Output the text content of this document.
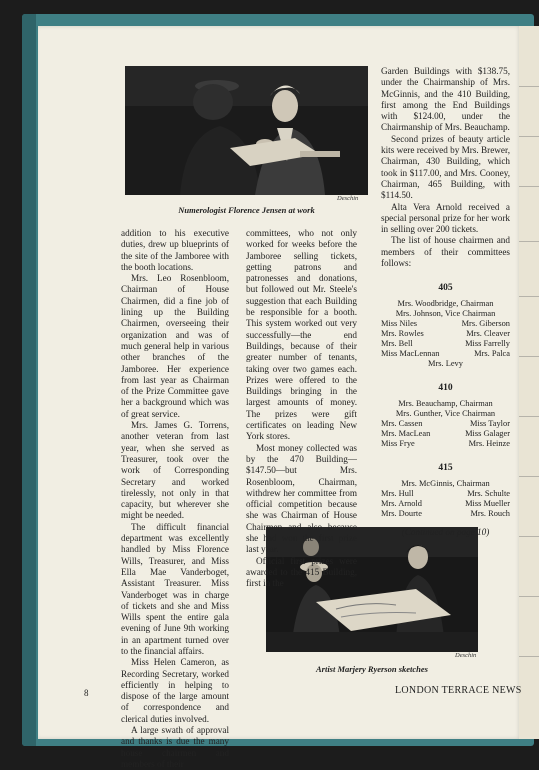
Deschin
Numerologist Florence Jensen at work
Deschin
Artist Marjery Ryerson sketches

addition to his executive duties, drew up blueprints of the site of the Jamboree with the booth locations.

Mrs. Leo Rosenbloom, Chairman of House Chairmen, did a fine job of lining up the Building Chairmen, overseeing their organization and was of much general help in various other branches of the Jamboree. Her experience from last year as Chairman of the Prize Committee gave her a background which was of great service.

Mrs. James G. Torrens, another veteran from last year, when she served as Treasurer, took over the work of Corresponding Secretary and worked tirelessly, not only in that capacity, but wherever she might be needed.

The difficult financial department was excellently handled by Miss Florence Wills, Treasurer, and Miss Ella Mae Vanderboget, Assistant Treasurer. Miss Vanderboget was in charge of tickets and she and Miss Wills spent the entire gala evening of June 9th working in an apartment turned over to the financial affairs.

Miss Helen Cameron, as Recording Secretary, worked efficiently in helping to dispose of the large amount of correspondence and clerical duties involved.

A large swath of approval and thanks is due the many house chairmen and members of their

committees, who not only worked for weeks before the Jamboree selling tickets, getting patrons and patronesses and donations, but followed out Mr. Steele's suggestion that each Building be responsible for a booth. This system worked out very successfully—the end Buildings, because of their greater number of tenants, taking over two games each. Prizes were offered to the Buildings bringing in the largest amounts of money. The prizes were gift certificates on leading New York stores.

Most money collected was by the 470 Building—$147.50—but Mrs. Rosenbloom, Chairman, withdrew her committee from official competition because she was Chairman of House Chairmen and also because she had won the first prize last year.

Official first prizes were awarded to the 415 Building, first in the

Garden Buildings with $138.75, under the Chairmanship of Mrs. McGinnis, and the 410 Building, first among the End Buildings with $124.00, under the Chairmanship of Mrs. Beauchamp.

Second prizes of beauty article kits were received by Mrs. Brewer, Chairman, 430 Building, which took in $117.00, and Mrs. Cooney, Chairman, 465 Building, with $114.50.

Alta Vera Arnold received a special personal prize for her work in selling over 200 tickets.

The list of house chairmen and members of their committees follows:

405
Mrs. Woodbridge, Chairman
Mrs. Johnson, Vice Chairman
Miss Niles	Mrs. Giberson
Mrs. Rowles	Mrs. Cleaver
Mrs. Bell	Miss Farrelly
Miss MacLennan	Mrs. Palca
Mrs. Levy
410
Mrs. Beauchamp, Chairman
Mrs. Gunther, Vice Chairman
Mrs. Cassen	Miss Taylor
Mrs. MacLean	Miss Galager
Miss Frye	Mrs. Heinze
415
Mrs. McGinnis, Chairman
Mrs. Hull	Mrs. Schulte
Mrs. Arnold	Miss Mueller
Mrs. Dourte	Mrs. Rouch
(Continued on page 10)
8	LONDON TERRACE NEWS
